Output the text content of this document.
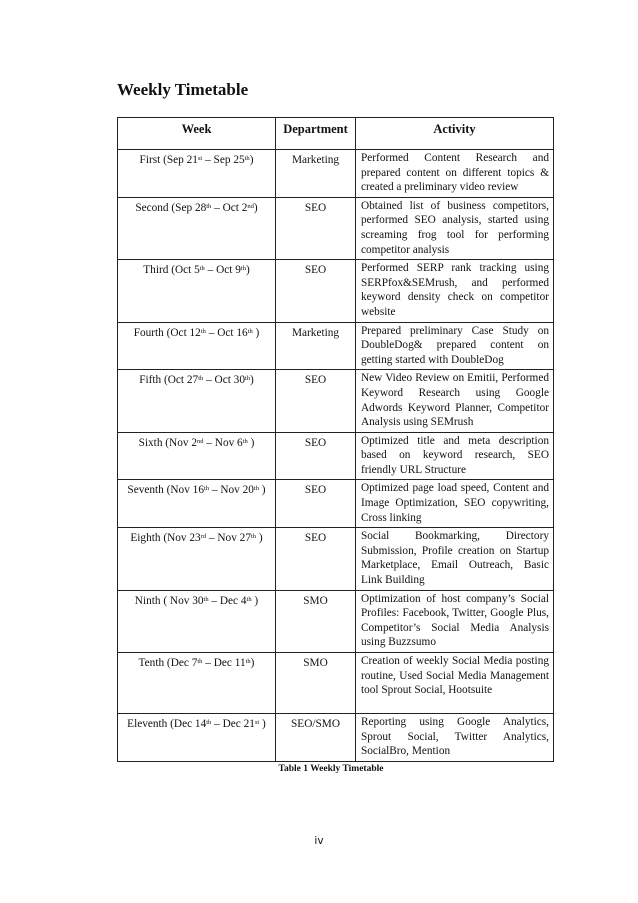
Weekly Timetable
Week	Department	Activity
First (Sep 21st – Sep 25th)	Marketing	Performed Content Research and prepared content on different topics & created a preliminary video review
Second (Sep 28th – Oct 2nd)	SEO	Obtained list of business competitors, performed SEO analysis, started using screaming frog tool for performing competitor analysis
Third (Oct 5th – Oct 9th)	SEO	Performed SERP rank tracking using SERPfox&SEMrush, and performed keyword density check on competitor website
Fourth (Oct 12th – Oct 16th )	Marketing	Prepared preliminary Case Study on DoubleDog& prepared content on getting started with DoubleDog
Fifth (Oct 27th – Oct 30th)	SEO	New Video Review on Emitii, Performed Keyword Research using Google Adwords Keyword Planner, Competitor Analysis using SEMrush
Sixth (Nov 2nd – Nov 6th )	SEO	Optimized title and meta description based on keyword research, SEO friendly URL Structure
Seventh (Nov 16th – Nov 20th )	SEO	Optimized page load speed, Content and Image Optimization, SEO copywriting, Cross linking
Eighth (Nov 23rd – Nov 27th )	SEO	Social Bookmarking, Directory Submission, Profile creation on Startup Marketplace, Email Outreach, Basic Link Building
Ninth ( Nov 30th – Dec 4th )	SMO	Optimization of host company’s Social Profiles: Facebook, Twitter, Google Plus, Competitor’s Social Media Analysis using Buzzsumo
Tenth (Dec 7th – Dec 11th)	SMO	Creation of weekly Social Media posting routine, Used Social Media Management tool Sprout Social, Hootsuite
Eleventh (Dec 14th – Dec 21st )	SEO/SMO	Reporting using Google Analytics, Sprout Social, Twitter Analytics, SocialBro, Mention
Table 1 Weekly Timetable
iv
